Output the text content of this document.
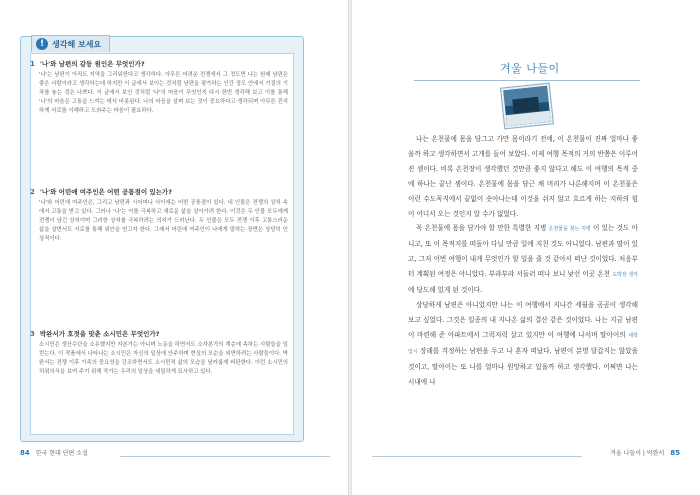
! 생각해 보세요
1 '나'와 남편의 갈등 원인은 무엇인가?
'나'는 남편이 아직도 지역을 그리워한다고 생각하다. 아무튼 어려운 전쟁에서 그 정도면 나는 원래 남편은 좋은 사람이라고 생각하는데 하지만 이 글에서 보이는 것처럼 남편을 평가하는 인간 정도 안에서 기질의 기차를 놓는 것은 나쁘다. 이 글에서 보인 것처럼 '나'의 마음이 무엇인지 다시 한번 생각해 보고 이를 통해 '나'의 마음은 고통을 느끼는 데서 비롯된다. 나의 마음을 살펴 보는 것이 중요하다고 생각되며 아무튼 진지하게 서로를 이해하고 도와주는 마음이 필요하다.
2 '나'와 어린애 여주인은 어떤 공통점이 있는가?
'나'와 어린애 여주인은, 그리고 남편과 시어머니 사이에는 어떤 공통점이 있다. 내 인물은 전쟁의 상처 속에서 고통을 받고 있다. 그러나 '나'는 이를 극복하고 새로운 삶을 살아가려 한다. 이것은 두 인물 모두에게 전쟁이 남긴 상처이며 그러한 상처를 극복하려는 의지가 드러난다. 두 인물은 모두 전쟁 이후 고통스러운 삶을 살면서도 서로를 통해 위안을 얻고자 한다. 그래서 어린애 여주인이 나에게 말하는 장면은 상당히 인상적이다.
3 박완서가 호젓을 맞춘 소시민은 무엇인가?
소시민은 생산수단을 소유했지만 자본가는 아니며 노동을 하면서도 소자본가의 계층에 속하는 사람들을 일컫는다. 이 작품에서 나타나는 소시민은 자신의 일상에 안주하며 현실의 모순을 외면하려는 사람들이다. 박완서는 전쟁 이후 가족의 중요성을 강조하면서도 소시민적 삶의 모습을 날카롭게 비판한다. 이런 소시민의 허위의식을 보여 주기 위해 작가는 우리의 일상을 세밀하게 묘사하고 있다.
84 한국 현대 단편 소설
겨울 나들이

나는 온천물에 몸을 담그고 가만 몸이라기 전에, 이 온천물이 진짜 얼마나 좋을까 하고 생각하면서 고개를 들어 보았다. 이제 여행 목적의 거의 반쯤은 이루어진 셈이다. 비록 온천장이 생각했던 것만큼 좋지 않다고 해도 이 여행의 목적 중에 하나는 끝난 셈이다. 온천물에 몸을 담근 채 머리가 나른해지며 이 온천물은 이런 수도꼭지에서 끝없이 솟아나는데 이것을 쉬지 않고 흐르게 하는 지하의 힘이 어디서 오는 것인지 알 수가 없었다.

꼭 온천물에 몸을 담가야 할 만한 특별한 지병 온천물을 찾는 지병 이 있는 것도 아니고, 또 이 목적지를 떠돌아 다닐 만큼 일에 지친 것도 아니었다. 남편과 딸이 있고, 그저 이번 여행이 내게 무엇인가 할 일을 줄 것 같아서 떠난 것이었다. 처음부터 계획된 여정은 아니었다. 부랴부랴 서둘러 떠나 보니 낯선 이곳 온천 도박장 생각 에 당도해 있게 된 것이다.

상당하게 남편은 아니었지만 나는 이 여행에서 지나간 세월을 곰곰이 생각해 보고 싶었다. 그것은 일종의 내 지나온 삶의 결산 같은 것이었다. 나는 지금 남편이 마련해 준 아파트에서 그럭저럭 살고 있지만 이 여행에 나서며 딸아이의 대학 입시 장래를 걱정하는 남편을 두고 나 혼자 떠났다. 남편이 분명 달갑지는 않았을 것이고, 딸아이는 또 나를 얼마나 원망하고 있을까 하고 생각했다. 어쩌면 나는 시내에 나

겨울 나들이 | 박완서 85
